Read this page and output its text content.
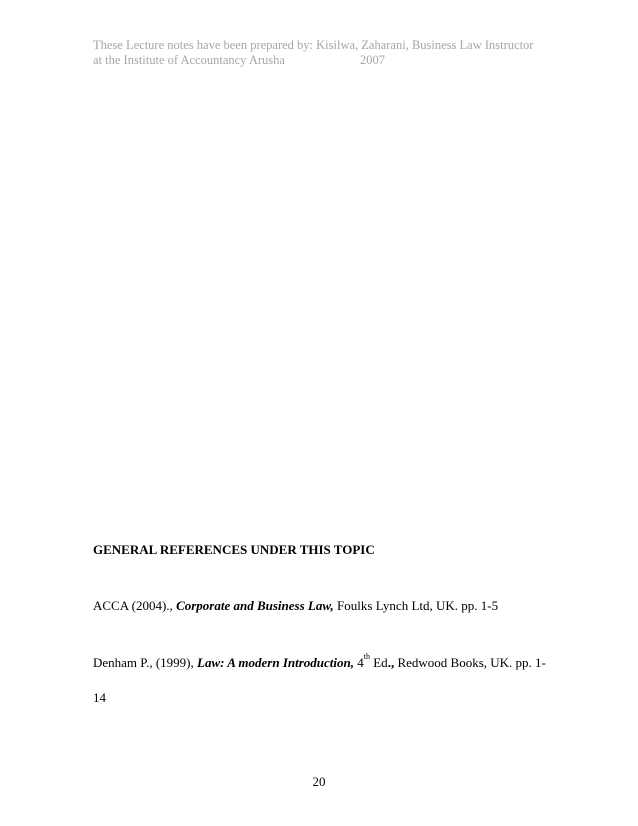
These Lecture notes have been prepared by: Kisilwa, Zaharani, Business Law Instructor
at the Institute of Accountancy Arusha	2007
GENERAL REFERENCES UNDER THIS TOPIC
ACCA (2004)., Corporate and Business Law, Foulks Lynch Ltd, UK. pp. 1-5
Denham P., (1999), Law: A modern Introduction, 4th Ed., Redwood Books, UK. pp. 1-
14
20
